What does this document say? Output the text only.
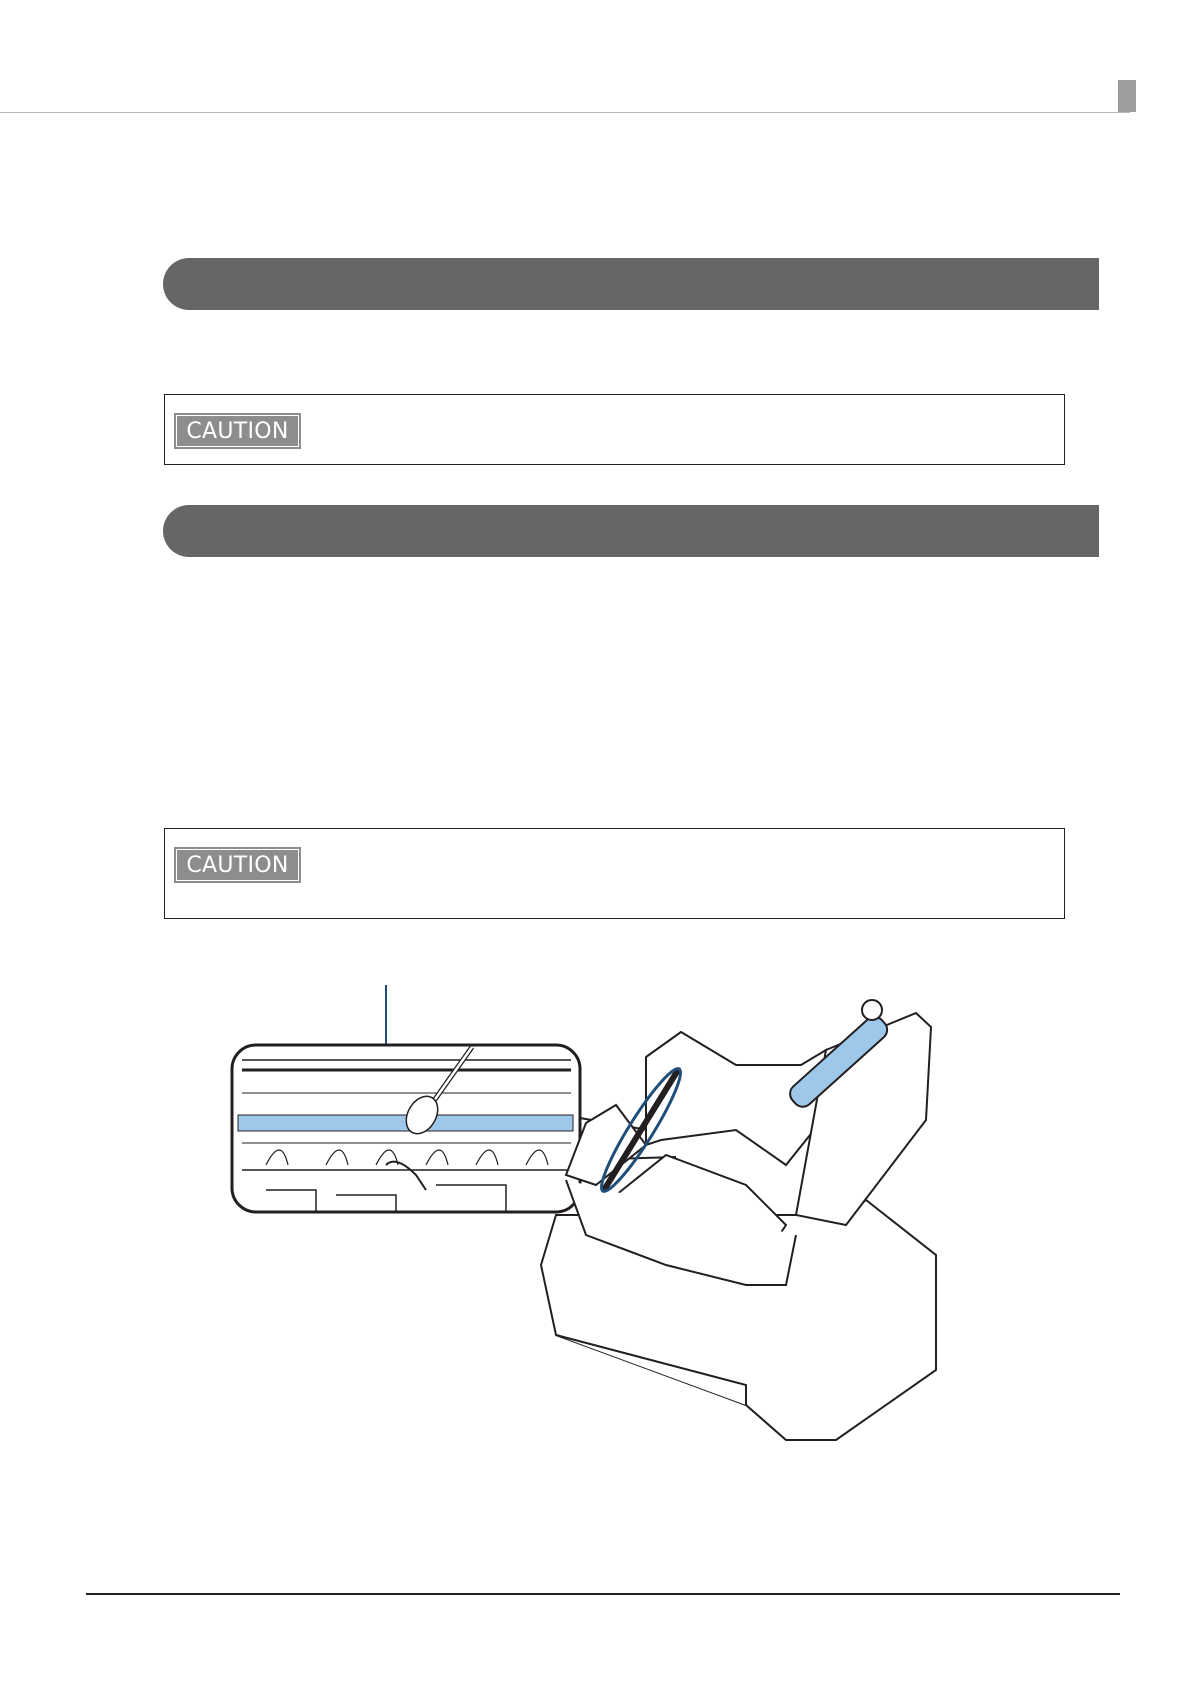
CAUTION
CAUTION
